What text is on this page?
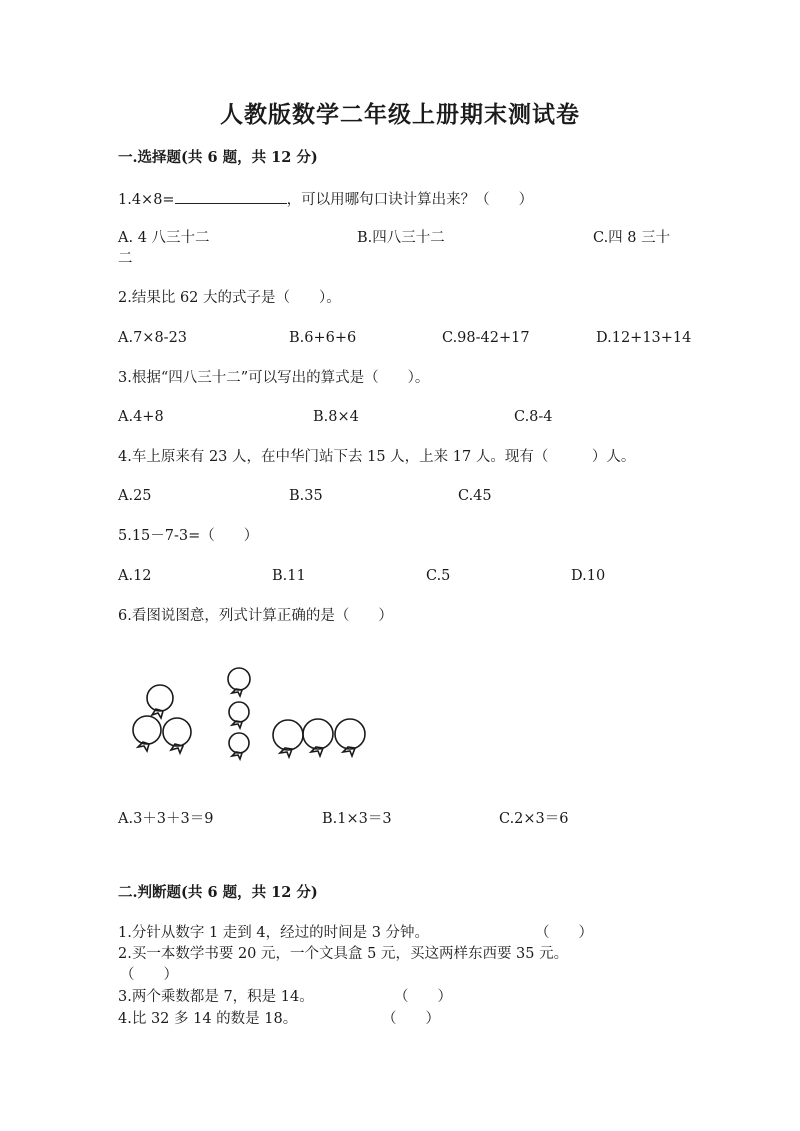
人教版数学二年级上册期末测试卷
一.选择题(共 6 题，共 12 分)
1.4×8=	，可以用哪句口诀计算出来？（　　）
A. 4 八三十二	B.四八三十二	C.四 8 三十
二
2.结果比 62 大的式子是（　　）。
A.7×8-23	B.6+6+6	C.98-42+17	D.12+13+14
3.根据“四八三十二”可以写出的算式是（　　）。
A.4+8	B.8×4	C.8-4
4.车上原来有 23 人，在中华门站下去 15 人，上来 17 人。现有（　　　）人。
A.25	B.35	C.45
5.15－7-3=（　　）
A.12	B.11	C.5	D.10
6.看图说图意，列式计算正确的是（　　）
A.3＋3＋3＝9	B.1×3＝3	C.2×3＝6
二.判断题(共 6 题，共 12 分)
1.分针从数字 1 走到 4，经过的时间是 3 分钟。	（　　）
2.买一本数学书要 20 元，一个文具盒 5 元，买这两样东西要 35 元。
（　　）
3.两个乘数都是 7，积是 14。	（　　）
4.比 32 多 14 的数是 18。	（　　）
